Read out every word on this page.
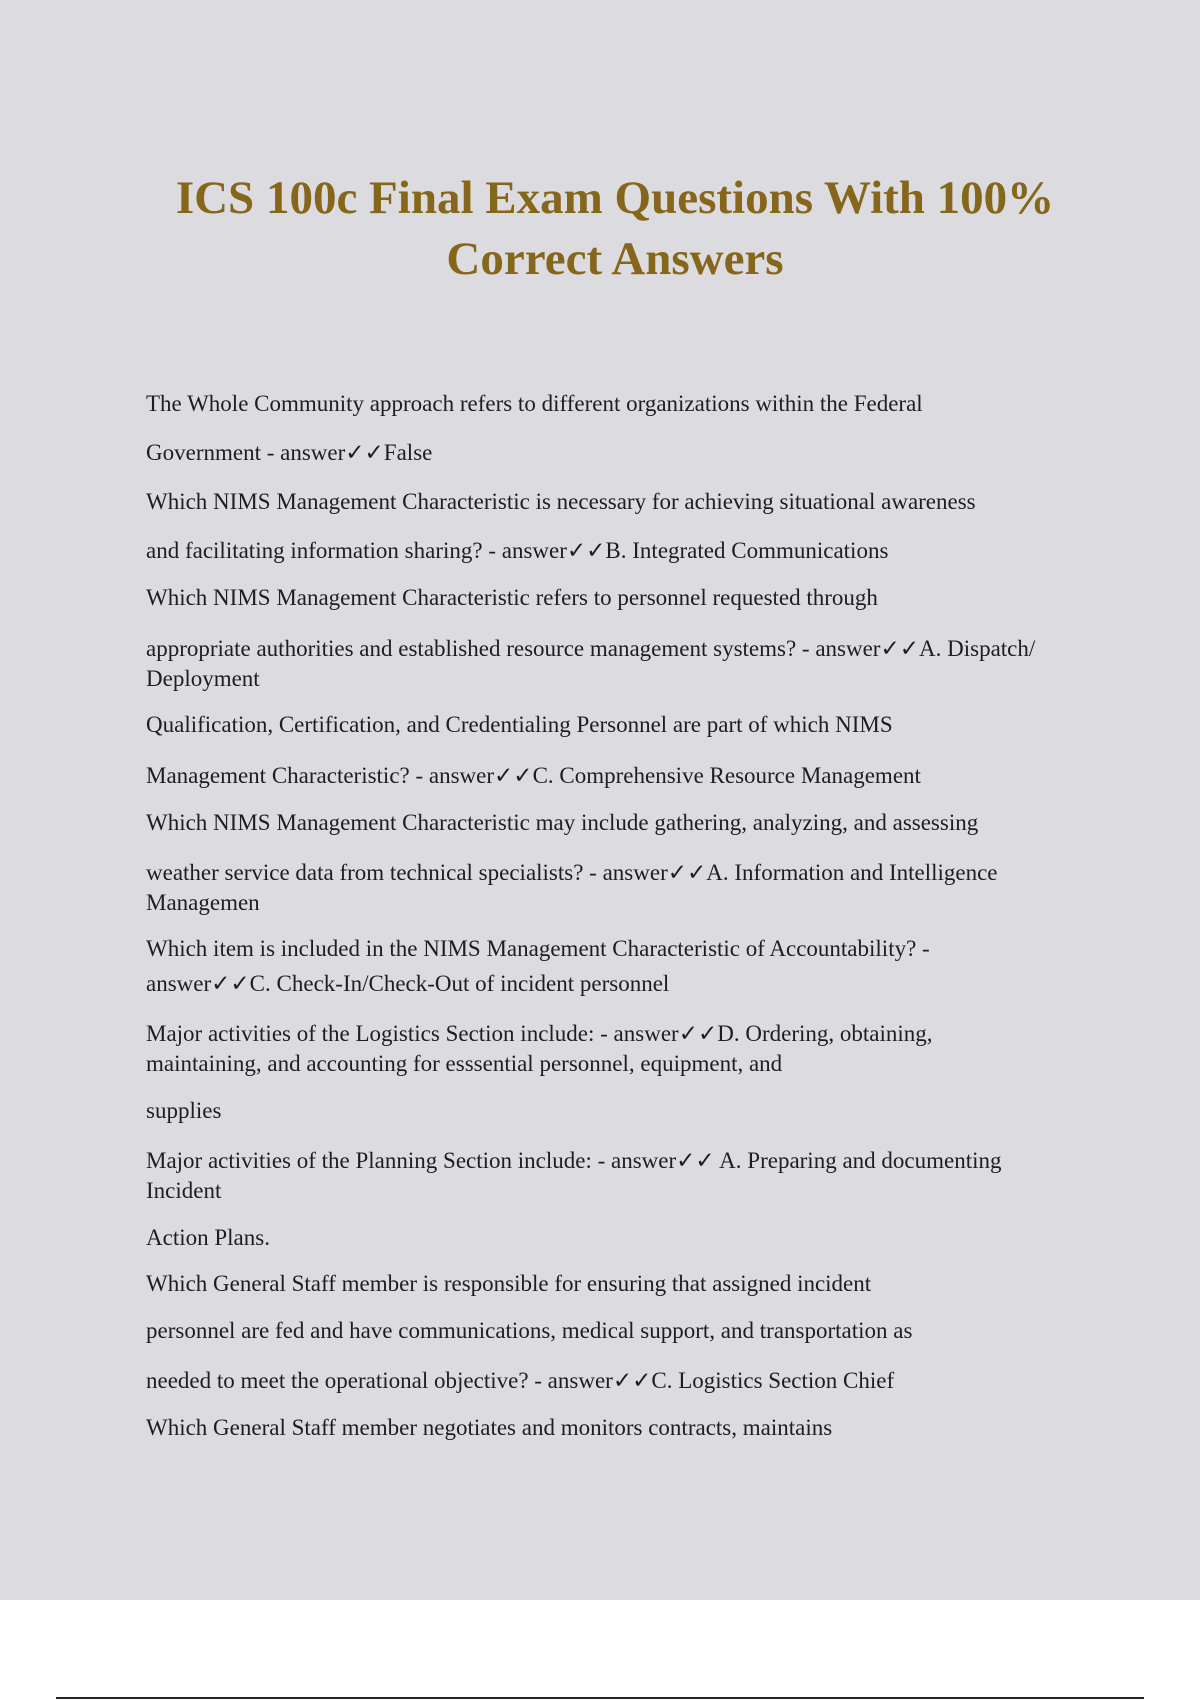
ICS 100c Final Exam Questions With 100%
Correct Answers
The Whole Community approach refers to different organizations within the Federal
Government - answer✓✓False
Which NIMS Management Characteristic is necessary for achieving situational awareness
and facilitating information sharing? - answer✓✓B. Integrated Communications
Which NIMS Management Characteristic refers to personnel requested through
appropriate authorities and established resource management systems? - answer✓✓A. Dispatch/
Deployment
Qualification, Certification, and Credentialing Personnel are part of which NIMS
Management Characteristic? - answer✓✓C. Comprehensive Resource Management
Which NIMS Management Characteristic may include gathering, analyzing, and assessing
weather service data from technical specialists? - answer✓✓A. Information and Intelligence
Managemen
Which item is included in the NIMS Management Characteristic of Accountability? -
answer✓✓C. Check-In/Check-Out of incident personnel
Major activities of the Logistics Section include: - answer✓✓D. Ordering, obtaining,
maintaining, and accounting for esssential personnel, equipment, and
supplies
Major activities of the Planning Section include: - answer✓✓ A. Preparing and documenting
Incident
Action Plans.
Which General Staff member is responsible for ensuring that assigned incident
personnel are fed and have communications, medical support, and transportation as
needed to meet the operational objective? - answer✓✓C. Logistics Section Chief
Which General Staff member negotiates and monitors contracts, maintains
